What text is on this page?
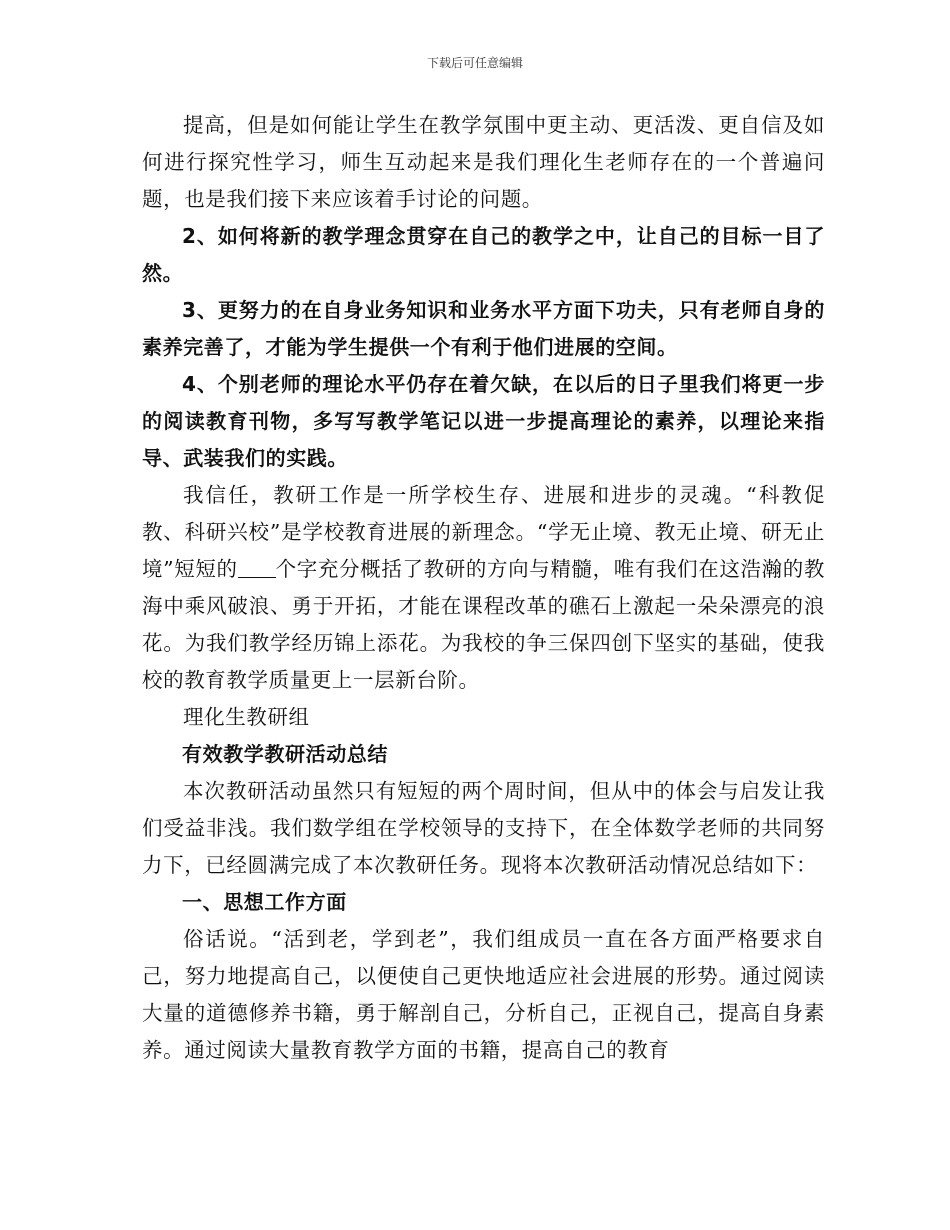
下载后可任意编辑

提高，但是如何能让学生在教学氛围中更主动、更活泼、更自信及如何进行探究性学习，师生互动起来是我们理化生老师存在的一个普遍问题，也是我们接下来应该着手讨论的问题。

2、如何将新的教学理念贯穿在自己的教学之中，让自己的目标一目了然。

3、更努力的在自身业务知识和业务水平方面下功夫，只有老师自身的素养完善了，才能为学生提供一个有利于他们进展的空间。

4、个别老师的理论水平仍存在着欠缺，在以后的日子里我们将更一步的阅读教育刊物，多写写教学笔记以进一步提高理论的素养，以理论来指导、武装我们的实践。

我信任，教研工作是一所学校生存、进展和进步的灵魂。“科教促教、科研兴校”是学校教育进展的新理念。“学无止境、教无止境、研无止境”短短的 个字充分概括了教研的方向与精髓，唯有我们在这浩瀚的教海中乘风破浪、勇于开拓，才能在课程改革的礁石上激起一朵朵漂亮的浪花。为我们教学经历锦上添花。为我校的争三保四创下坚实的基础，使我校的教育教学质量更上一层新台阶。

理化生教研组

有效教学教研活动总结

本次教研活动虽然只有短短的两个周时间，但从中的体会与启发让我们受益非浅。我们数学组在学校领导的支持下，在全体数学老师的共同努力下，已经圆满完成了本次教研任务。现将本次教研活动情况总结如下：

一、思想工作方面

俗话说。“活到老，学到老”，我们组成员一直在各方面严格要求自己，努力地提高自己，以便使自己更快地适应社会进展的形势。通过阅读大量的道德修养书籍，勇于解剖自己，分析自己，正视自己，提高自身素养。通过阅读大量教育教学方面的书籍，提高自己的教育
